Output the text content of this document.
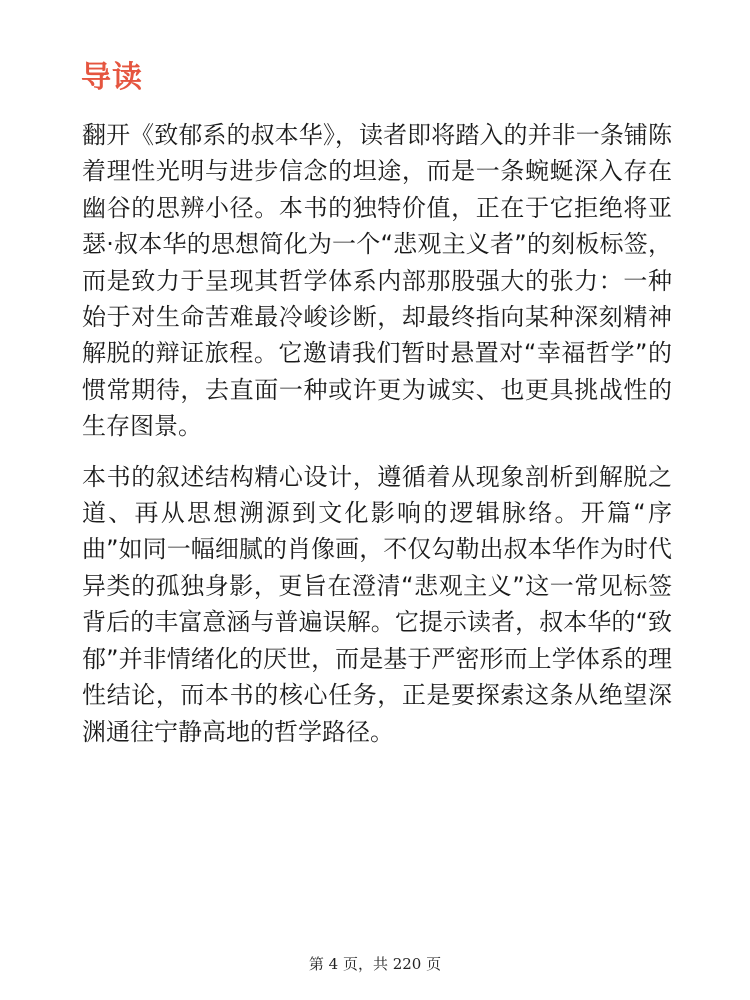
导读

翻开《致郁系的叔本华》，读者即将踏入的并非一条铺陈着理性光明与进步信念的坦途，而是一条蜿蜒深入存在幽谷的思辨小径。本书的独特价值，正在于它拒绝将亚瑟·叔本华的思想简化为一个“悲观主义者”的刻板标签，而是致力于呈现其哲学体系内部那股强大的张力：一种始于对生命苦难最冷峻诊断，却最终指向某种深刻精神解脱的辩证旅程。它邀请我们暂时悬置对“幸福哲学”的惯常期待，去直面一种或许更为诚实、也更具挑战性的生存图景。

本书的叙述结构精心设计，遵循着从现象剖析到解脱之道、再从思想溯源到文化影响的逻辑脉络。开篇“序曲”如同一幅细腻的肖像画，不仅勾勒出叔本华作为时代异类的孤独身影，更旨在澄清“悲观主义”这一常见标签背后的丰富意涵与普遍误解。它提示读者，叔本华的“致郁”并非情绪化的厌世，而是基于严密形而上学体系的理性结论，而本书的核心任务，正是要探索这条从绝望深渊通往宁静高地的哲学路径。

第 4 页，共 220 页
